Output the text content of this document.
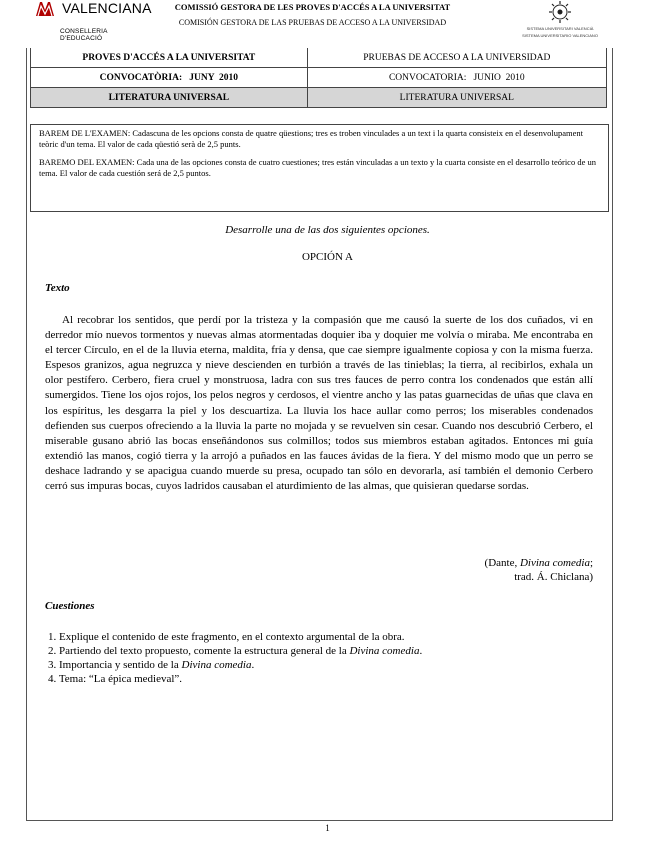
VALENCIANA
CONSELLERIA D'EDUCACIÓ
COMISSIÓ GESTORA DE LES PROVES D'ACCÉS A LA UNIVERSITAT
COMISIÓN GESTORA DE LAS PRUEBAS DE ACCESO A LA UNIVERSIDAD
SISTEMA UNIVERSITARI VALENCIÀ
SISTEMA UNIVERSITARIO VALENCIANO
PROVES D'ACCÉS A LA UNIVERSITAT	PRUEBAS DE ACCESO A LA UNIVERSIDAD
CONVOCATÒRIA:   JUNY  2010	CONVOCATORIA:   JUNIO  2010
LITERATURA UNIVERSAL	LITERATURA UNIVERSAL

BAREM DE L'EXAMEN: Cadascuna de les opcions consta de quatre qüestions; tres es troben vinculades a un text i la quarta consisteix en el desenvolupament teòric d'un tema. El valor de cada qüestió serà de 2,5 punts.

BAREMO DEL EXAMEN: Cada una de las opciones consta de cuatro cuestiones; tres están vinculadas a un texto y la cuarta consiste en el desarrollo teórico de un tema. El valor de cada cuestión será de 2,5 puntos.

Desarrolle una de las dos siguientes opciones.
OPCIÓN A
Texto

Al recobrar los sentidos, que perdí por la tristeza y la compasión que me causó la suerte de los dos cuñados, vi en derredor mío nuevos tormentos y nuevas almas atormentadas doquier iba y doquier me volvía o miraba. Me encontraba en el tercer Círculo, en el de la lluvia eterna, maldita, fría y densa, que cae siempre igualmente copiosa y con la misma fuerza. Espesos granizos, agua negruzca y nieve descienden en turbión a través de las tinieblas; la tierra, al recibirlos, exhala un olor pestífero. Cerbero, fiera cruel y monstruosa, ladra con sus tres fauces de perro contra los condenados que están allí sumergidos. Tiene los ojos rojos, los pelos negros y cerdosos, el vientre ancho y las patas guarnecidas de uñas que clava en los espíritus, les desgarra la piel y los descuartiza. La lluvia los hace aullar como perros; los miserables condenados defienden sus cuerpos ofreciendo a la lluvia la parte no mojada y se revuelven sin cesar. Cuando nos descubrió Cerbero, el miserable gusano abrió las bocas enseñándonos sus colmillos; todos sus miembros estaban agitados. Entonces mi guía extendió las manos, cogió tierra y la arrojó a puñados en las fauces ávidas de la fiera. Y del mismo modo que un perro se deshace ladrando y se apacigua cuando muerde su presa, ocupado tan sólo en devorarla, así también el demonio Cerbero cerró sus impuras bocas, cuyos ladridos causaban el aturdimiento de las almas, que quisieran quedarse sordas.

(Dante, Divina comedia;
trad. Á. Chiclana)
Cuestiones
1. Explique el contenido de este fragmento, en el contexto argumental de la obra.
2. Partiendo del texto propuesto, comente la estructura general de la Divina comedia.
3. Importancia y sentido de la Divina comedia.
4. Tema: “La épica medieval”.
1
